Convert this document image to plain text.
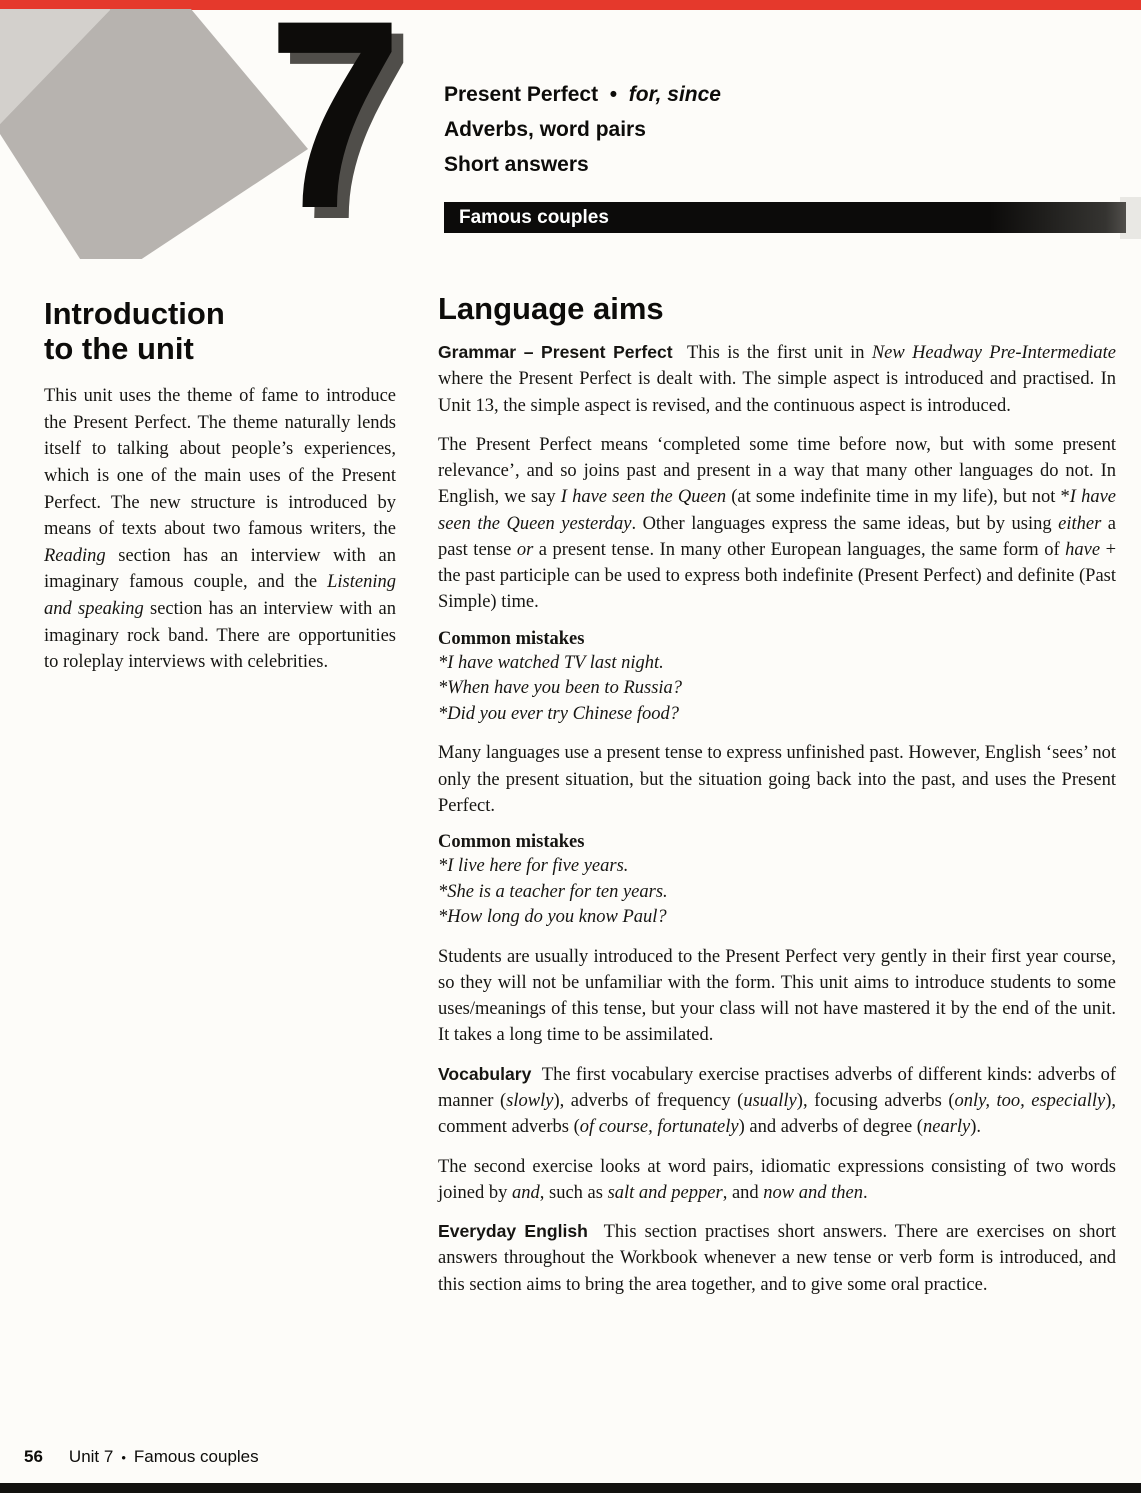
7 Present Perfect  •  for, since
Adverbs, word pairs
Short answers
Famous couples
Introduction
to the unit
This unit uses the theme of fame to introduce the Present Perfect. The theme naturally lends itself to talking about people’s experiences, which is one of the main uses of the Present Perfect. The new structure is introduced by means of texts about two famous writers, the Reading section has an interview with an imaginary famous couple, and the Listening and speaking section has an interview with an imaginary rock band. There are opportunities to roleplay interviews with celebrities.
Language aims

Grammar – Present Perfect  This is the first unit in New Headway Pre-Intermediate where the Present Perfect is dealt with. The simple aspect is introduced and practised. In Unit 13, the simple aspect is revised, and the continuous aspect is introduced.

The Present Perfect means ‘completed some time before now, but with some present relevance’, and so joins past and present in a way that many other languages do not. In English, we say I have seen the Queen (at some indefinite time in my life), but not *I have seen the Queen yesterday. Other languages express the same ideas, but by using either a past tense or a present tense. In many other European languages, the same form of have + the past participle can be used to express both indefinite (Present Perfect) and definite (Past Simple) time.

Common mistakes
*I have watched TV last night.
*When have you been to Russia?
*Did you ever try Chinese food?

Many languages use a present tense to express unfinished past. However, English ‘sees’ not only the present situation, but the situation going back into the past, and uses the Present Perfect.

Common mistakes
*I live here for five years.
*She is a teacher for ten years.
*How long do you know Paul?

Students are usually introduced to the Present Perfect very gently in their first year course, so they will not be unfamiliar with the form. This unit aims to introduce students to some uses/meanings of this tense, but your class will not have mastered it by the end of the unit. It takes a long time to be assimilated.

Vocabulary  The first vocabulary exercise practises adverbs of different kinds: adverbs of manner (slowly), adverbs of frequency (usually), focusing adverbs (only, too, especially), comment adverbs (of course, fortunately) and adverbs of degree (nearly).

The second exercise looks at word pairs, idiomatic expressions consisting of two words joined by and, such as salt and pepper, and now and then.

Everyday English  This section practises short answers. There are exercises on short answers throughout the Workbook whenever a new tense or verb form is introduced, and this section aims to bring the area together, and to give some oral practice.

56 Unit 7 • Famous couples
